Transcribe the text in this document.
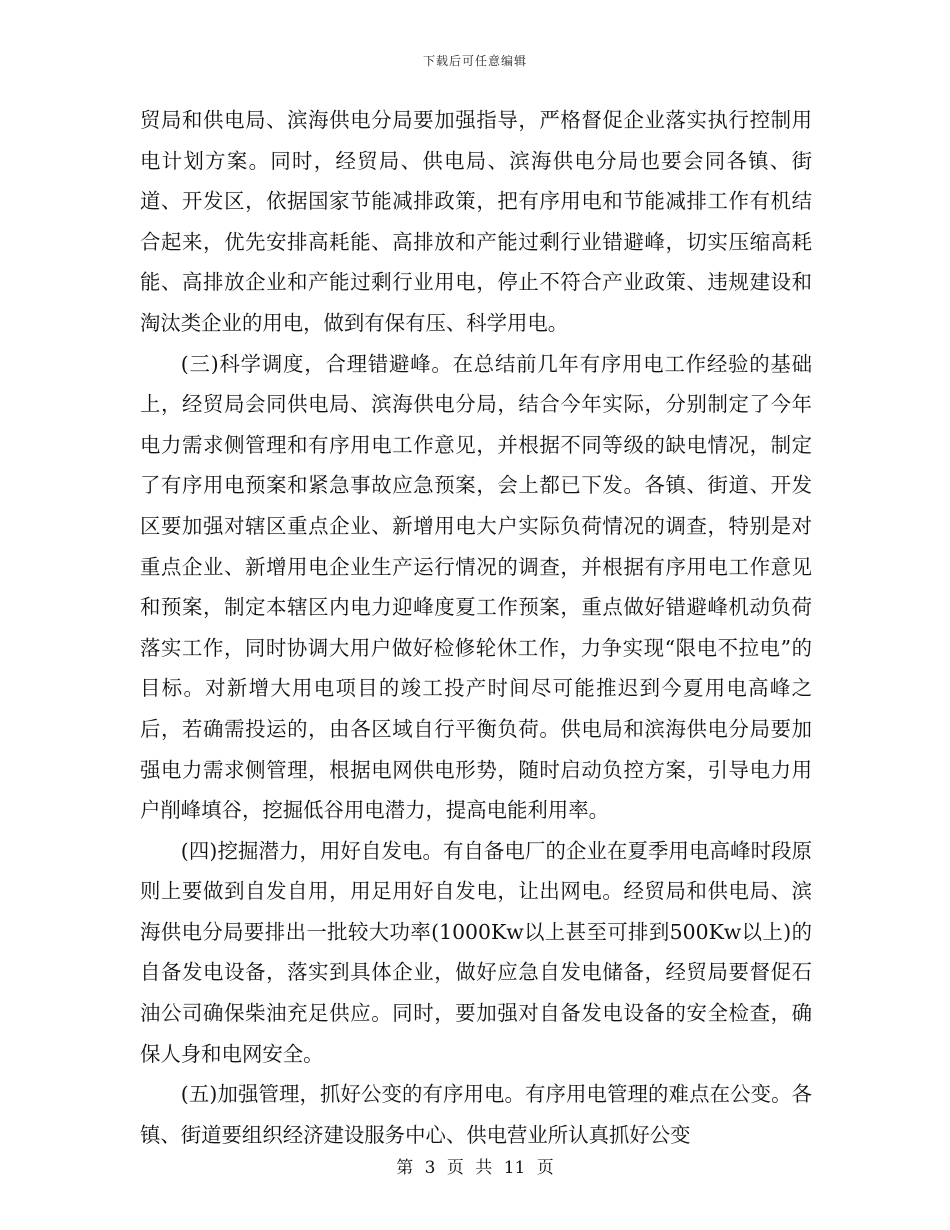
下载后可任意编辑

贸局和供电局、滨海供电分局要加强指导，严格督促企业落实执行控制用电计划方案。同时，经贸局、供电局、滨海供电分局也要会同各镇、街道、开发区，依据国家节能减排政策，把有序用电和节能减排工作有机结合起来，优先安排高耗能、高排放和产能过剩行业错避峰，切实压缩高耗能、高排放企业和产能过剩行业用电，停止不符合产业政策、违规建设和淘汰类企业的用电，做到有保有压、科学用电。

(三)科学调度，合理错避峰。在总结前几年有序用电工作经验的基础上，经贸局会同供电局、滨海供电分局，结合今年实际，分别制定了今年电力需求侧管理和有序用电工作意见，并根据不同等级的缺电情况，制定了有序用电预案和紧急事故应急预案，会上都已下发。各镇、街道、开发区要加强对辖区重点企业、新增用电大户实际负荷情况的调查，特别是对重点企业、新增用电企业生产运行情况的调查，并根据有序用电工作意见和预案，制定本辖区内电力迎峰度夏工作预案，重点做好错避峰机动负荷落实工作，同时协调大用户做好检修轮休工作，力争实现“限电不拉电”的目标。对新增大用电项目的竣工投产时间尽可能推迟到今夏用电高峰之后，若确需投运的，由各区域自行平衡负荷。供电局和滨海供电分局要加强电力需求侧管理，根据电网供电形势，随时启动负控方案，引导电力用户削峰填谷，挖掘低谷用电潜力，提高电能利用率。

(四)挖掘潜力，用好自发电。有自备电厂的企业在夏季用电高峰时段原则上要做到自发自用，用足用好自发电，让出网电。经贸局和供电局、滨海供电分局要排出一批较大功率(1000Kw以上甚至可排到500Kw以上)的自备发电设备，落实到具体企业，做好应急自发电储备，经贸局要督促石油公司确保柴油充足供应。同时，要加强对自备发电设备的安全检查，确保人身和电网安全。

(五)加强管理，抓好公变的有序用电。有序用电管理的难点在公变。各镇、街道要组织经济建设服务中心、供电营业所认真抓好公变

第 3 页 共 11 页
